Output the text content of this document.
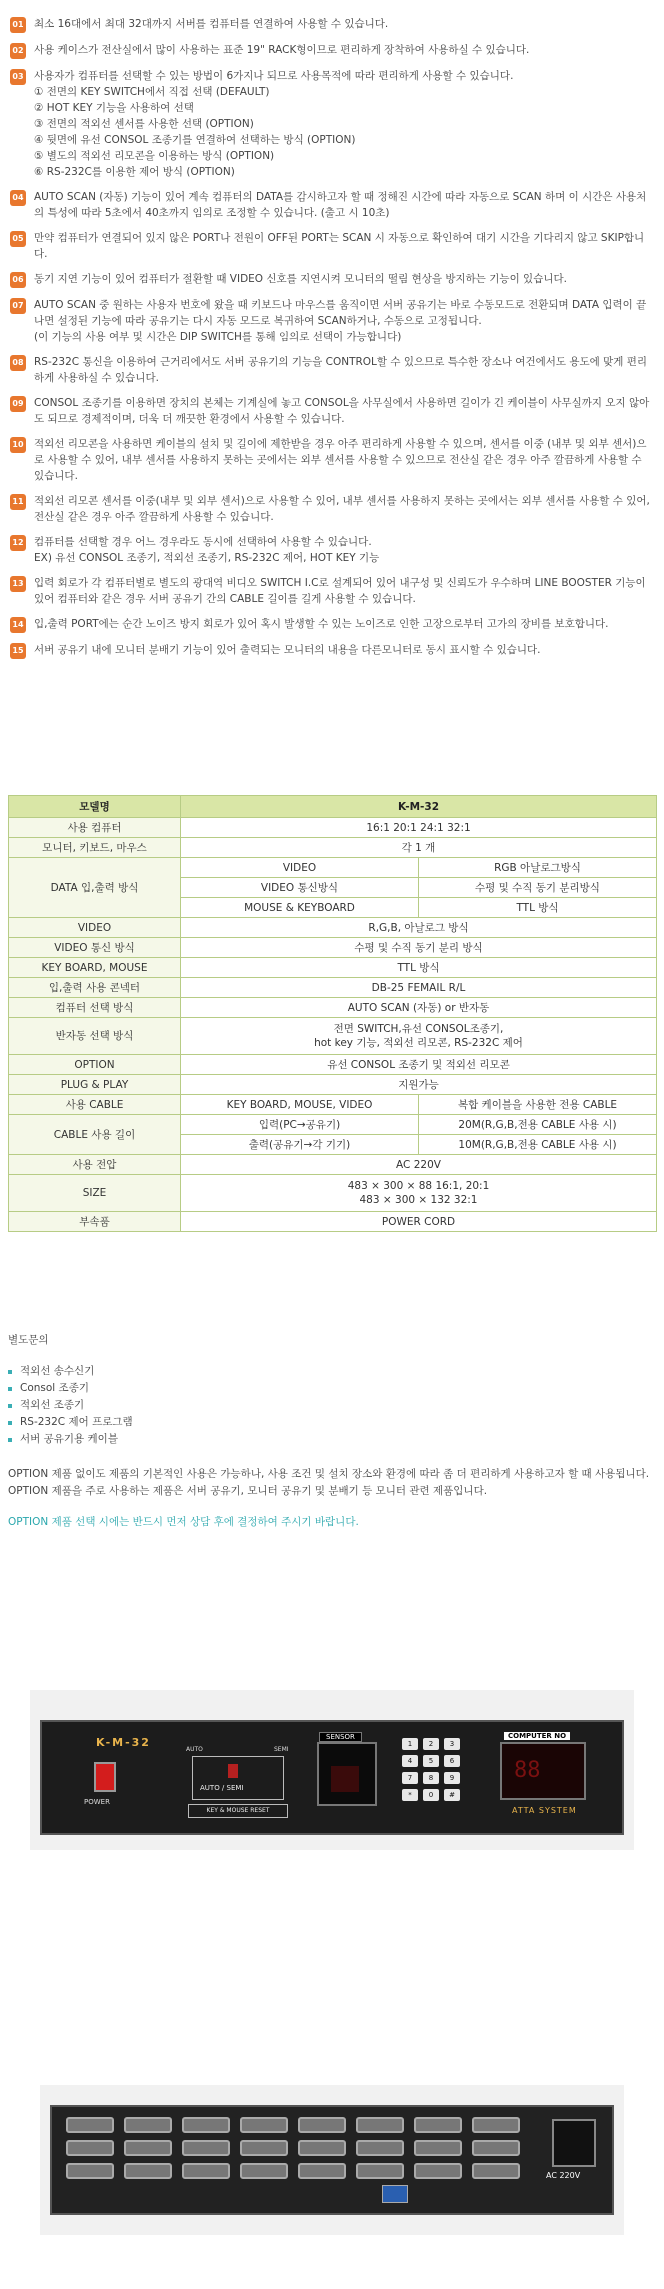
01 최소 16대에서 최대 32대까지 서버를 컴퓨터를 연결하여 사용할 수 있습니다.
02 사용 케이스가 전산실에서 많이 사용하는 표준 19" RACK형이므로 편리하게 장착하여 사용하실 수 있습니다.
03 사용자가 컴퓨터를 선택할 수 있는 방법이 6가지나 되므로 사용목적에 따라 편리하게 사용할 수 있습니다.
① 전면의 KEY SWITCH에서 직접 선택 (DEFAULT)
② HOT KEY 기능을 사용하여 선택
③ 전면의 적외선 센서를 사용한 선택 (OPTION)
④ 뒷면에 유선 CONSOL 조종기를 연결하여 선택하는 방식 (OPTION)
⑤ 별도의 적외선 리모콘을 이용하는 방식 (OPTION)
⑥ RS-232C를 이용한 제어 방식 (OPTION)
04 AUTO SCAN (자동) 기능이 있어 계속 컴퓨터의 DATA를 감시하고자 할 때 정해진 시간에 따라 자동으로 SCAN 하며 이 시간은 사용처의 특성에 따라 5초에서 40초까지 임의로 조정할 수 있습니다. (출고 시 10초)
05 만약 컴퓨터가 연결되어 있지 않은 PORT나 전원이 OFF된 PORT는 SCAN 시 자동으로 확인하여 대기 시간을 기다리지 않고 SKIP합니다.
06 동기 지연 기능이 있어 컴퓨터가 절환할 때 VIDEO 신호를 지연시켜 모니터의 떨림 현상을 방지하는 기능이 있습니다.
07 AUTO SCAN 중 원하는 사용자 번호에 왔을 때 키보드나 마우스를 움직이면 서버 공유기는 바로 수동모드로 전환되며 DATA 입력이 끝나면 설정된 기능에 따라 공유기는 다시 자동 모드로 복귀하여 SCAN하거나, 수동으로 고정됩니다.
(이 기능의 사용 여부 및 시간은 DIP SWITCH를 통해 임의로 선택이 가능합니다)
08 RS-232C 통신을 이용하여 근거리에서도 서버 공유기의 기능을 CONTROL할 수 있으므로 특수한 장소나 여건에서도 용도에 맞게 편리하게 사용하실 수 있습니다.
09 CONSOL 조종기를 이용하면 장치의 본체는 기계실에 놓고 CONSOL을 사무실에서 사용하면 길이가 긴 케이블이 사무실까지 오지 않아도 되므로 경제적이며, 더욱 더 깨끗한 환경에서 사용할 수 있습니다.
10 적외선 리모콘을 사용하면 케이블의 설치 및 길이에 제한받을 경우 아주 편리하게 사용할 수 있으며, 센서를 이중 (내부 및 외부 센서)으로 사용할 수 있어, 내부 센서를 사용하지 못하는 곳에서는 외부 센서를 사용할 수 있으므로 전산실 같은 경우 아주 깔끔하게 사용할 수 있습니다.
11 적외선 리모콘 센서를 이중(내부 및 외부 센서)으로 사용할 수 있어, 내부 센서를 사용하지 못하는 곳에서는 외부 센서를 사용할 수 있어, 전산실 같은 경우 아주 깔끔하게 사용할 수 있습니다.
12 컴퓨터를 선택할 경우 어느 경우라도 동시에 선택하여 사용할 수 있습니다.
EX) 유선 CONSOL 조종기, 적외선 조종기, RS-232C 제어, HOT KEY 기능
13 입력 회로가 각 컴퓨터별로 별도의 광대역 비디오 SWITCH I.C로 설계되어 있어 내구성 및 신뢰도가 우수하며 LINE BOOSTER 기능이 있어 컴퓨터와 같은 경우 서버 공유기 간의 CABLE 길이를 길게 사용할 수 있습니다.
14 입,출력 PORT에는 순간 노이즈 방지 회로가 있어 혹시 발생할 수 있는 노이즈로 인한 고장으로부터 고가의 장비를 보호합니다.
15 서버 공유기 내에 모니터 분배기 기능이 있어 출력되는 모니터의 내용을 다른모니터로 동시 표시할 수 있습니다.
모델명	K-M-32	
사용 컴퓨터	16:1 20:1 24:1 32:1	
모니터, 키보드, 마우스	각 1 개	
DATA 입,출력 방식	VIDEO	RGB 아날로그방식
	VIDEO 통신방식	수평 및 수직 동기 분리방식
	MOUSE & KEYBOARD	TTL 방식
VIDEO	R,G,B, 아날로그 방식	
VIDEO 통신 방식	수평 및 수직 동기 분리 방식	
KEY BOARD, MOUSE	TTL 방식	
입,출력 사용 콘넥터	DB-25 FEMAIL R/L	
컴퓨터 선택 방식	AUTO SCAN (자동) or 반자동	
반자동 선택 방식	전면 SWITCH,유선 CONSOL조종기,
hot key 기능, 적외선 리모콘, RS-232C 제어	
OPTION	유선 CONSOL 조종기 및 적외선 리모콘	
PLUG & PLAY	지원가능	
사용 CABLE	KEY BOARD, MOUSE, VIDEO	복합 케이블을 사용한 전용 CABLE
CABLE 사용 길이	입력(PC→공유기)	20M(R,G,B,전용 CABLE 사용 시)
	출력(공유기→각 기기)	10M(R,G,B,전용 CABLE 사용 시)
사용 전압	AC 220V	
SIZE	483 × 300 × 88 16:1, 20:1
483 × 300 × 132 32:1	
부속품	POWER CORD	
별도문의
적외선 송수신기
Consol 조종기
적외선 조종기
RS-232C 제어 프로그램
서버 공유기용 케이블

OPTION 제품 없이도 제품의 기본적인 사용은 가능하나, 사용 조건 및 설치 장소와 환경에 따라 좀 더 편리하게 사용하고자 할 때 사용됩니다.

OPTION 제품을 주로 사용하는 제품은 서버 공유기, 모니터 공유기 및 분배기 등 모니터 관련 제품입니다.

OPTION 제품 선택 시에는 반드시 먼저 상담 후에 결정하여 주시기 바랍니다.

K-M-32
POWER
AUTO	SEMI
AUTO / SEMI
KEY & MOUSE RESET
SENSOR
1	2	3
4	5	6
7	8	9
*	0	#
COMPUTER NO
88
ATTA SYSTEM
AC 220V
